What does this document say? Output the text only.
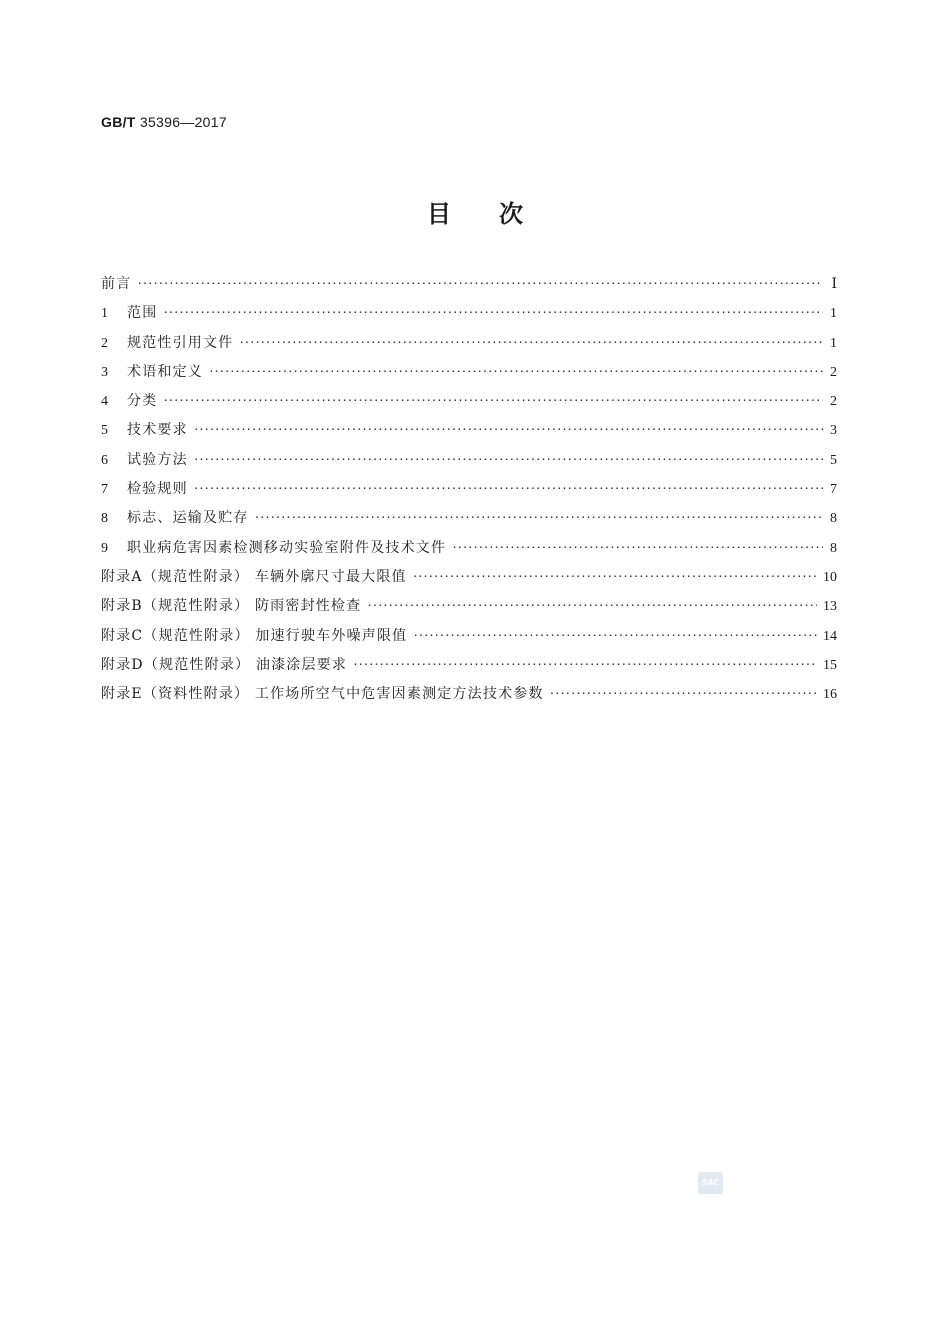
GB/T 35396—2017
目次
前言 ·····	Ⅰ
1	范围 ·····	1
2	规范性引用文件 ·····	1
3	术语和定义 ·····	2
4	分类 ·····	2
5	技术要求 ·····	3
6	试验方法 ·····	5
7	检验规则 ·····	7
8	标志、运输及贮存 ·····	8
9	职业病危害因素检测移动实验室附件及技术文件 ·····	8
附录A（规范性附录） 车辆外廓尺寸最大限值 ·····	10
附录B（规范性附录） 防雨密封性检查 ·····	13
附录C（规范性附录） 加速行驶车外噪声限值 ·····	14
附录D（规范性附录） 油漆涂层要求 ·····	15
附录E（资料性附录） 工作场所空气中危害因素测定方法技术参数 ·····	16
SAC
